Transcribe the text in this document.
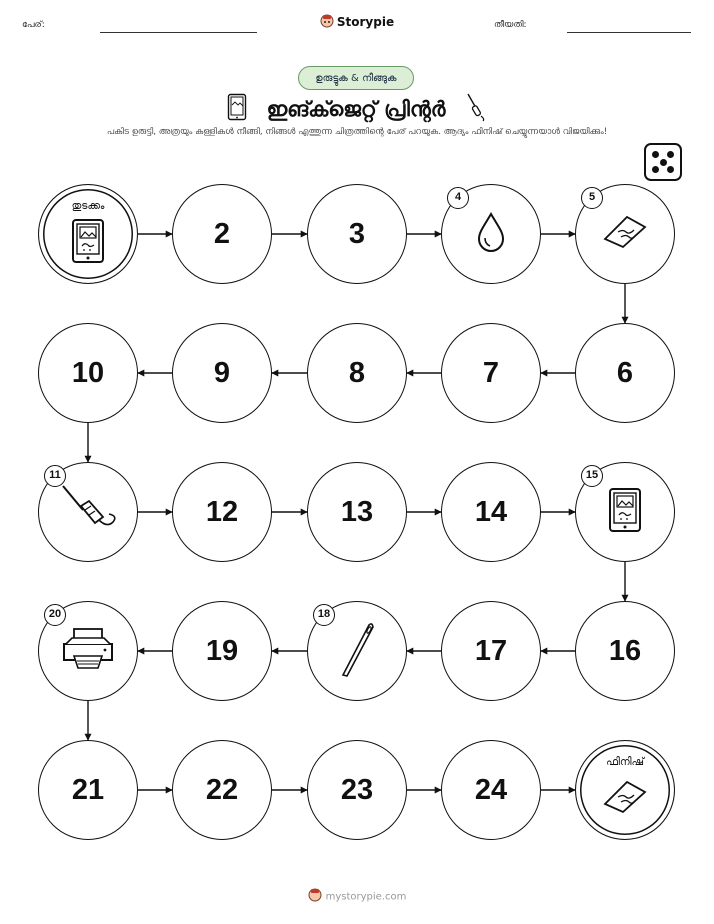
പേര്:	Storypie	തീയതി:
ഉരുട്ടുക & നീങ്ങുക
ഇങ്ക്ജെറ്റ് പ്രിന്റർ
പകിട ഉരുട്ടി, അത്രയും കള്ളികൾ നീങ്ങി, നിങ്ങൾ എത്തുന്ന ചിത്രത്തിന്റെ പേര് പറയുക. ആദ്യം ഫിനിഷ് ചെയ്യുന്നയാൾ വിജയിക്കും!
തുടക്കം
2	3
4	5
6
7
8
9
10
11
12	13	14
15
16
17
18
19
20
21	22	23	24
ഫിനിഷ്
mystorypie.com
